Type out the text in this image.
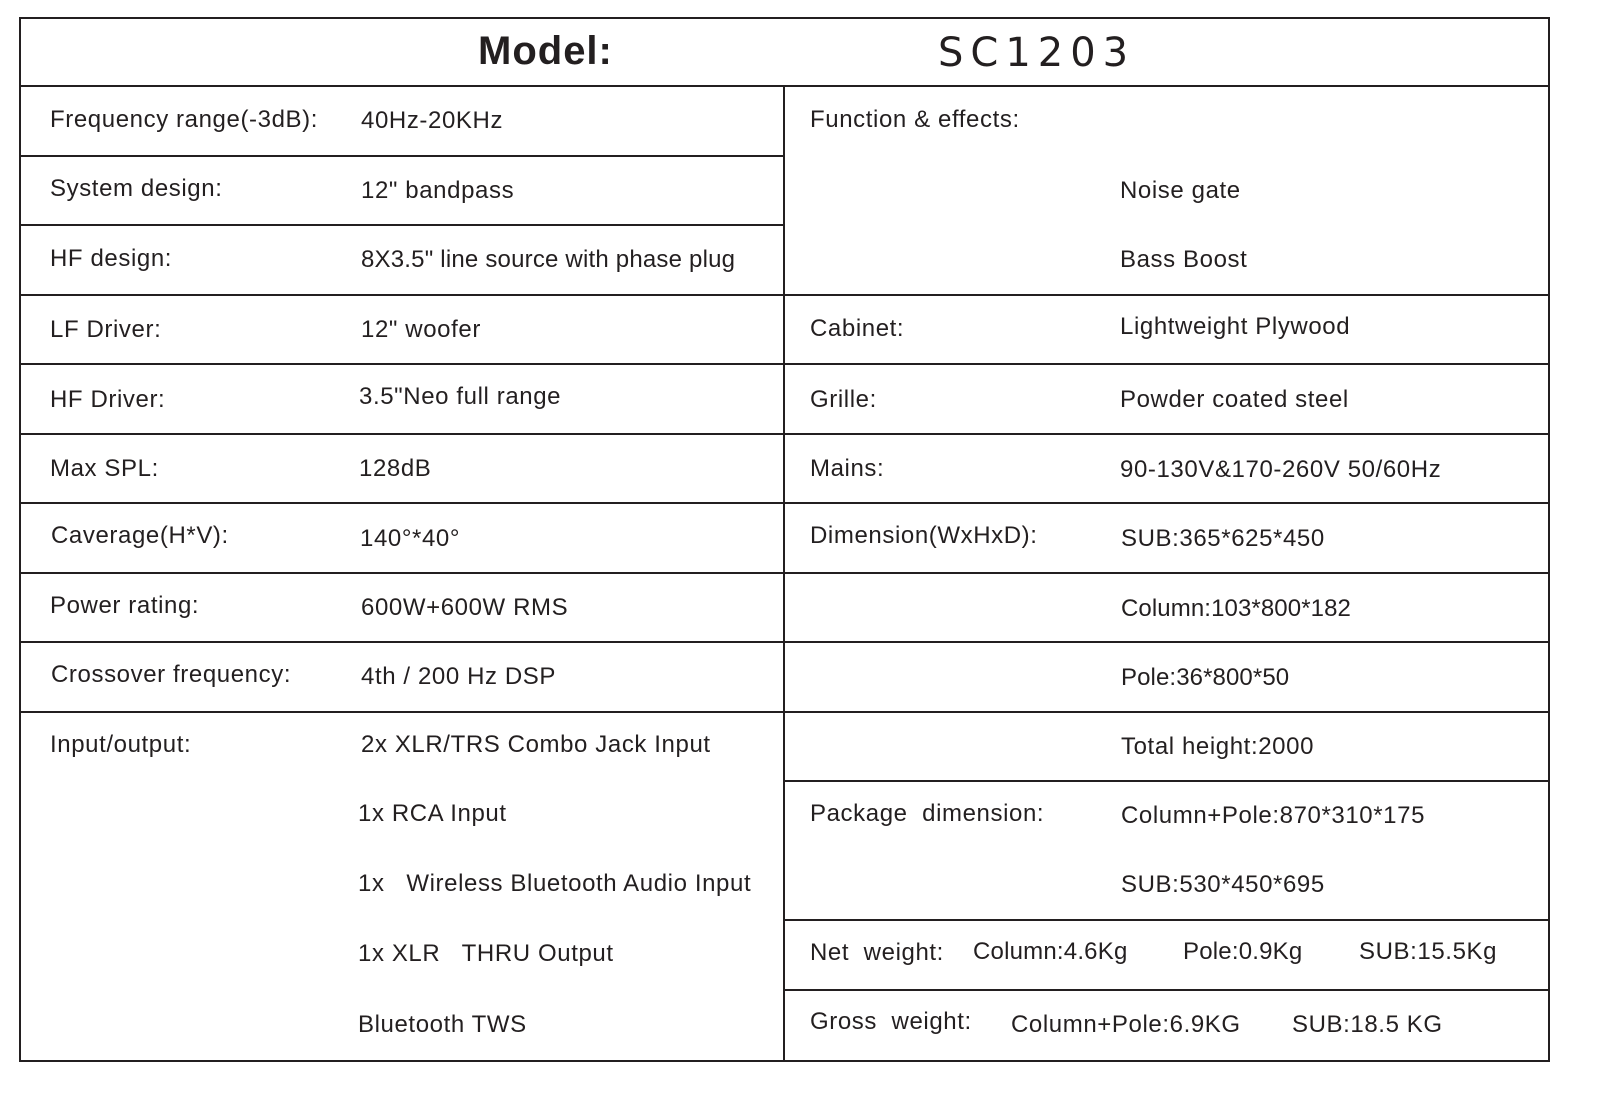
Model:	SC1203
Frequency range(-3dB): 40Hz-20KHz
System design:	12" bandpass
HF design:	8X3.5" line source with phase plug
LF Driver:	12" woofer
HF Driver:	3.5"Neo full range
Max SPL:	128dB
Caverage(H*V):	140°*40°
Power rating:	600W+600W RMS
Crossover frequency:	4th / 200 Hz DSP
Input/output:	2x XLR/TRS Combo Jack Input
1x RCA Input
1x   Wireless Bluetooth Audio Input
1x XLR   THRU Output
Bluetooth TWS
Function & effects:
Noise gate
Bass Boost
Cabinet:	Lightweight Plywood
Grille:	Powder coated steel
Mains:	90-130V&170-260V 50/60Hz
Dimension(WxHxD):	SUB:365*625*450
Column:103*800*182
Pole:36*800*50
Total height:2000
Package  dimension:	Column+Pole:870*310*175
SUB:530*450*695
Net  weight: Column:4.6Kg Pole:0.9Kg SUB:15.5Kg
Gross  weight: Column+Pole:6.9KG SUB:18.5 KG
